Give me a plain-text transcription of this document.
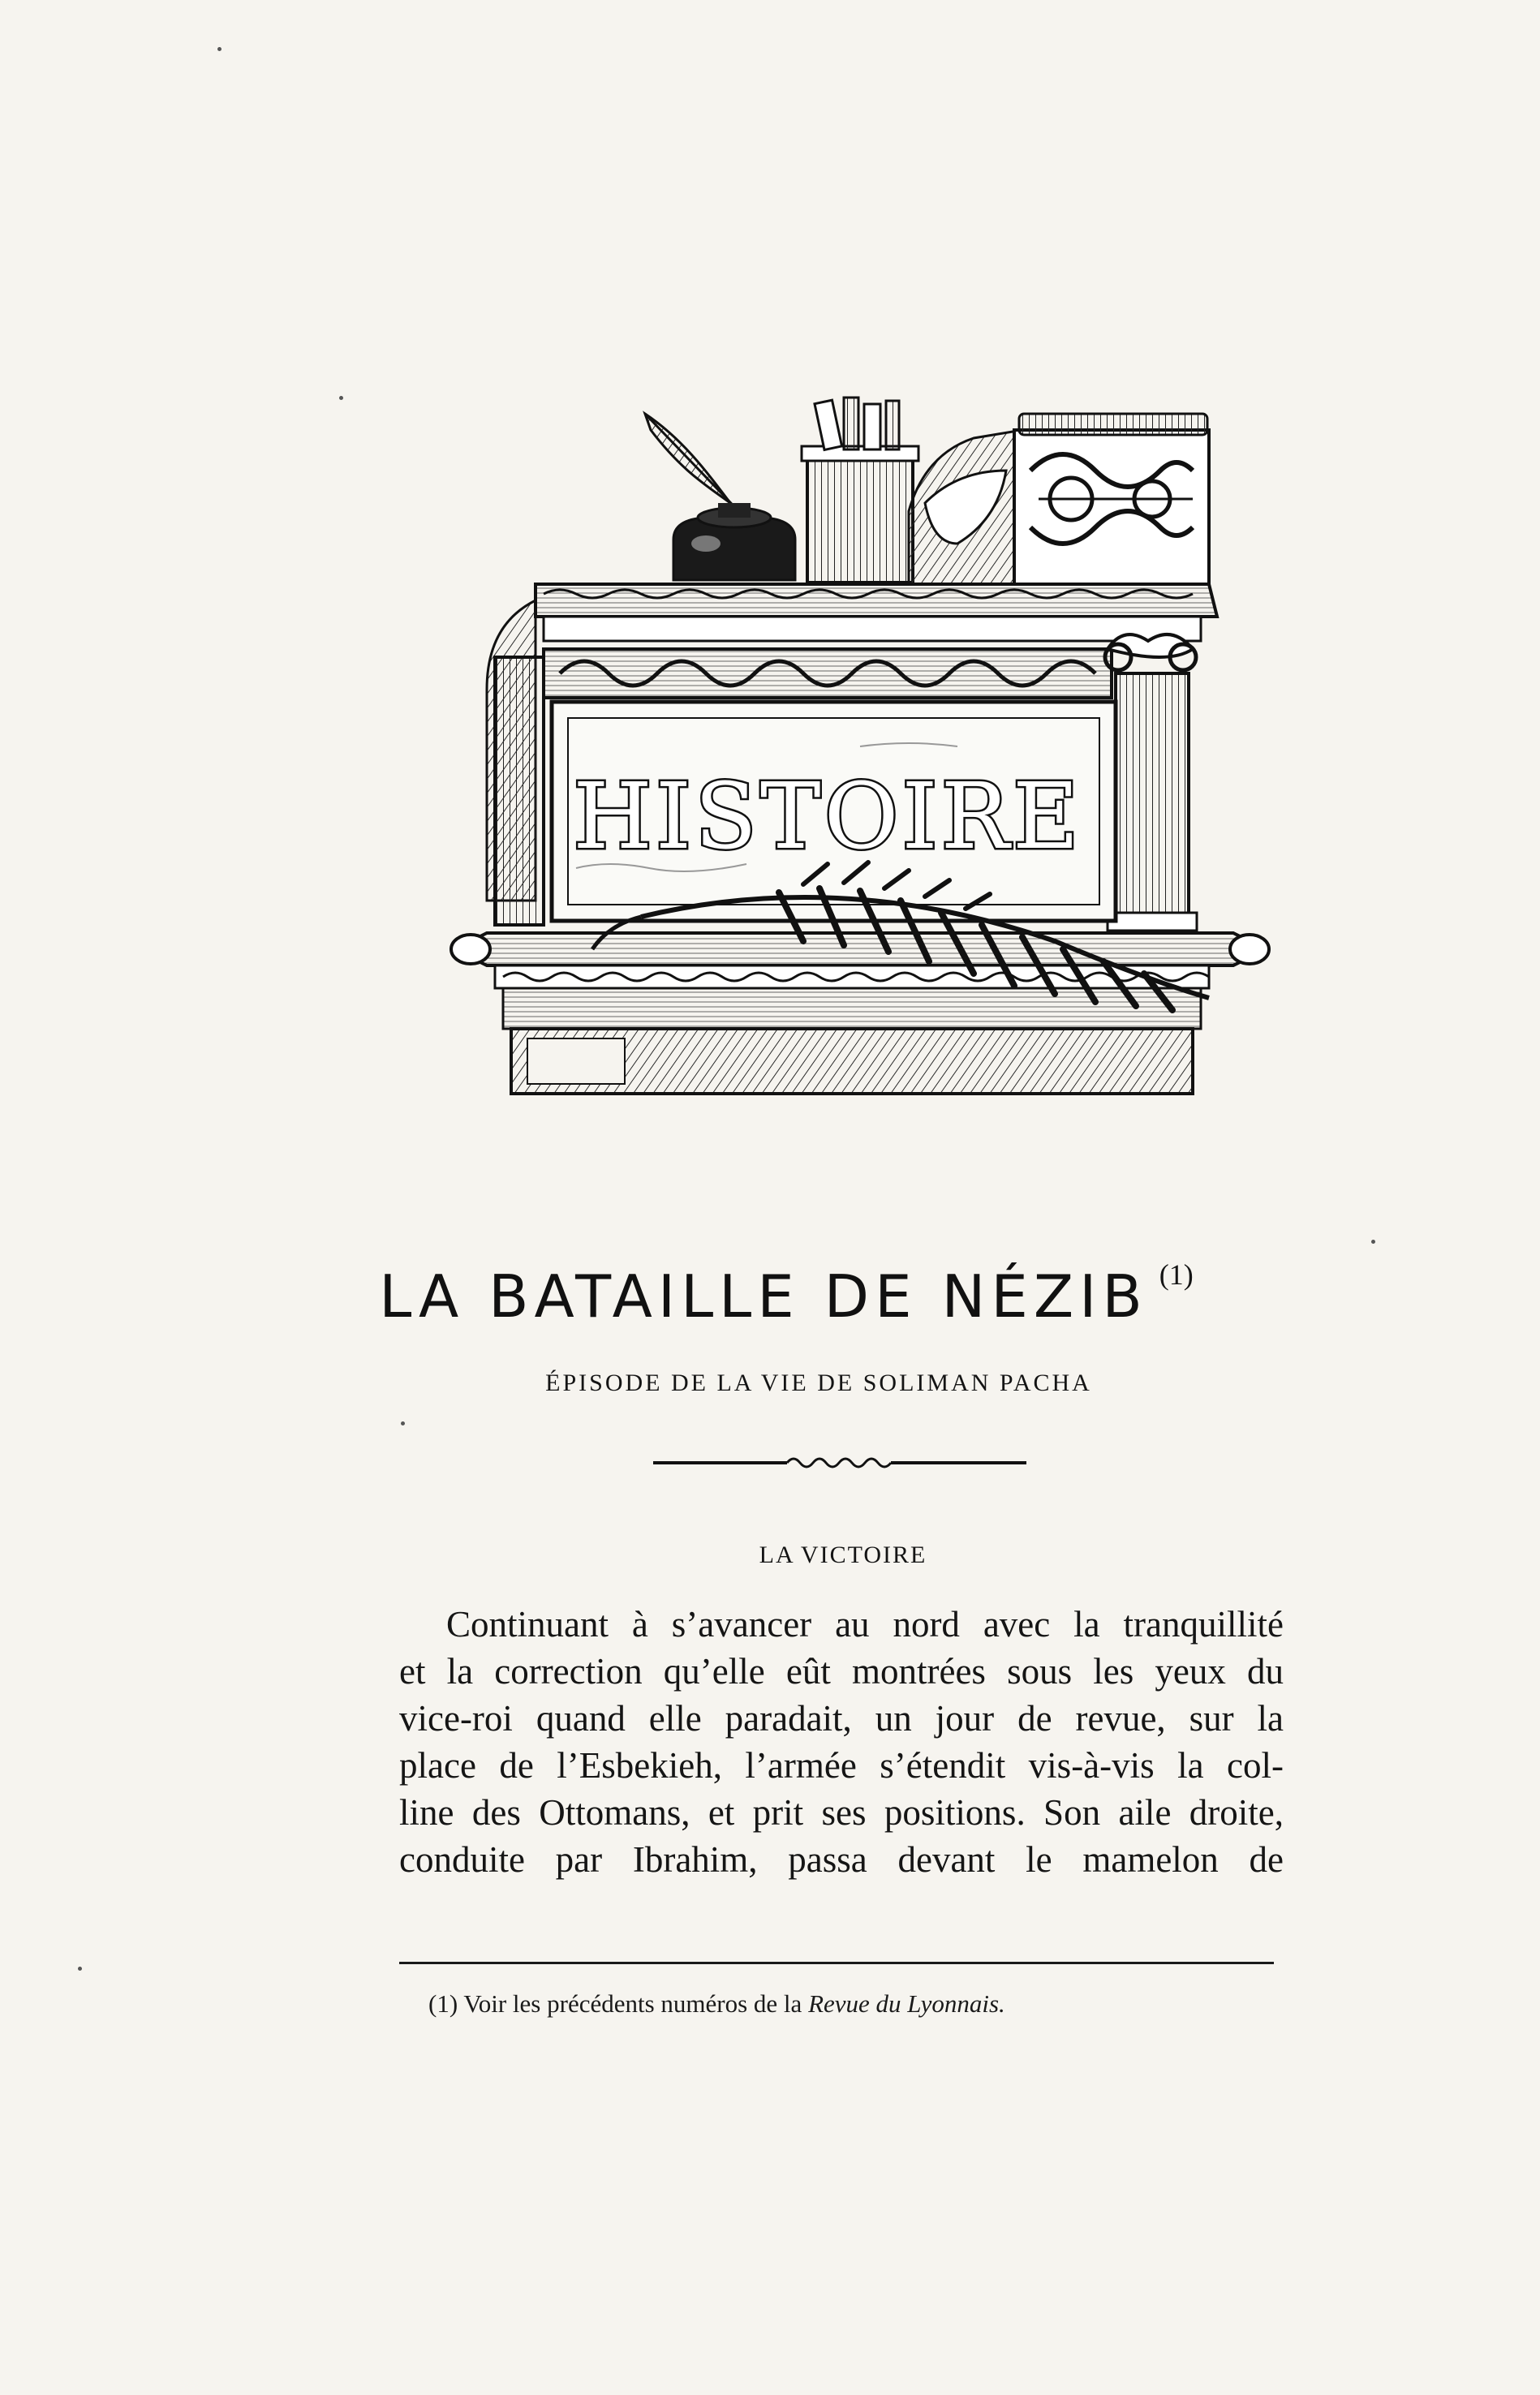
HISTOIRE
LA BATAILLE DE NÉZIB (1)
ÉPISODE DE LA VIE DE SOLIMAN PACHA
LA VICTOIRE
Continuant à s’avancer au nord avec la tranquillité
et la correction qu’elle eût montrées sous les yeux du
vice-roi quand elle paradait, un jour de revue, sur la
place de l’Esbekieh, l’armée s’étendit vis-à-vis la col-
line des Ottomans, et prit ses positions. Son aile droite,
conduite par Ibrahim, passa devant le mamelon de
(1) Voir les précédents numéros de la Revue du Lyonnais.
